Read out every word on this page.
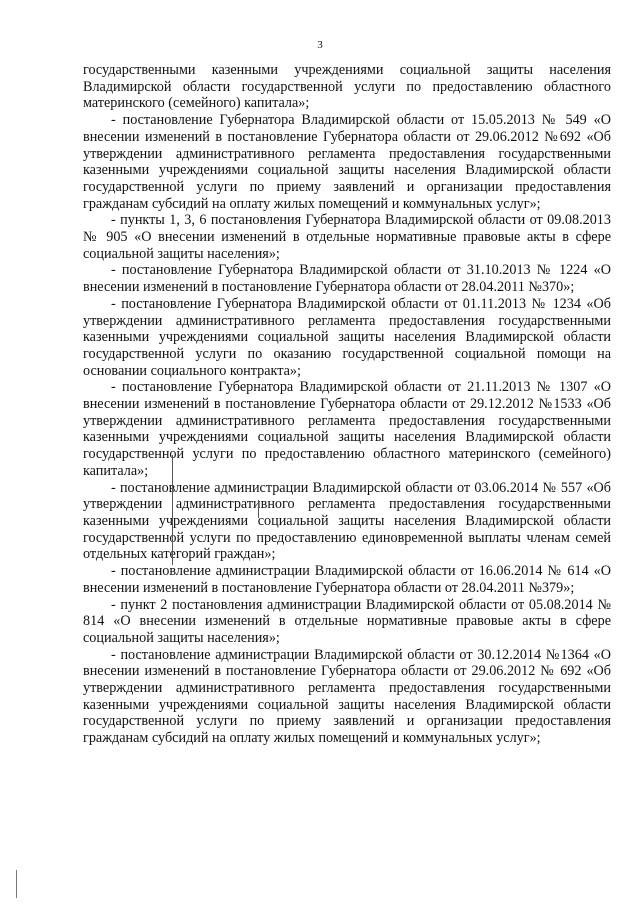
3

государственными казенными учреждениями социальной защиты населения Владимирской области государственной услуги по предоставлению областного материнского (семейного) капитала»;

- постановление Губернатора Владимирской области от 15.05.2013 № 549 «О внесении изменений в постановление Губернатора области от 29.06.2012 №692 «Об утверждении административного регламента предоставления государственными казенными учреждениями социальной защиты населения Владимирской области государственной услуги по приему заявлений и организации предоставления гражданам субсидий на оплату жилых помещений и коммунальных услуг»;

- пункты 1, 3, 6 постановления Губернатора Владимирской области от 09.08.2013 № 905 «О внесении изменений в отдельные нормативные правовые акты в сфере социальной защиты населения»;

- постановление Губернатора Владимирской области от 31.10.2013 № 1224 «О внесении изменений в постановление Губернатора области от 28.04.2011 №370»;

- постановление Губернатора Владимирской области от 01.11.2013 № 1234 «Об утверждении административного регламента предоставления государственными казенными учреждениями социальной защиты населения Владимирской области государственной услуги по оказанию государственной социальной помощи на основании социального контракта»;

- постановление Губернатора Владимирской области от 21.11.2013 № 1307 «О внесении изменений в постановление Губернатора области от 29.12.2012 №1533 «Об утверждении административного регламента предоставления государственными казенными учреждениями социальной защиты населения Владимирской области государственной услуги по предоставлению областного материнского (семейного) капитала»;

- постановление администрации Владимирской области от 03.06.2014 № 557 «Об утверждении административного регламента предоставления государственными казенными учреждениями социальной защиты населения Владимирской области государственной услуги по предоставлению единовременной выплаты членам семей отдельных категорий граждан»;

- постановление администрации Владимирской области от 16.06.2014 № 614 «О внесении изменений в постановление Губернатора области от 28.04.2011 №379»;

- пункт 2 постановления администрации Владимирской области от 05.08.2014 № 814 «О внесении изменений в отдельные нормативные правовые акты в сфере социальной защиты населения»;

- постановление администрации Владимирской области от 30.12.2014 №1364 «О внесении изменений в постановление Губернатора области от 29.06.2012 № 692 «Об утверждении административного регламента предоставления государственными казенными учреждениями социальной защиты населения Владимирской области государственной услуги по приему заявлений и организации предоставления гражданам субсидий на оплату жилых помещений и коммунальных услуг»;
